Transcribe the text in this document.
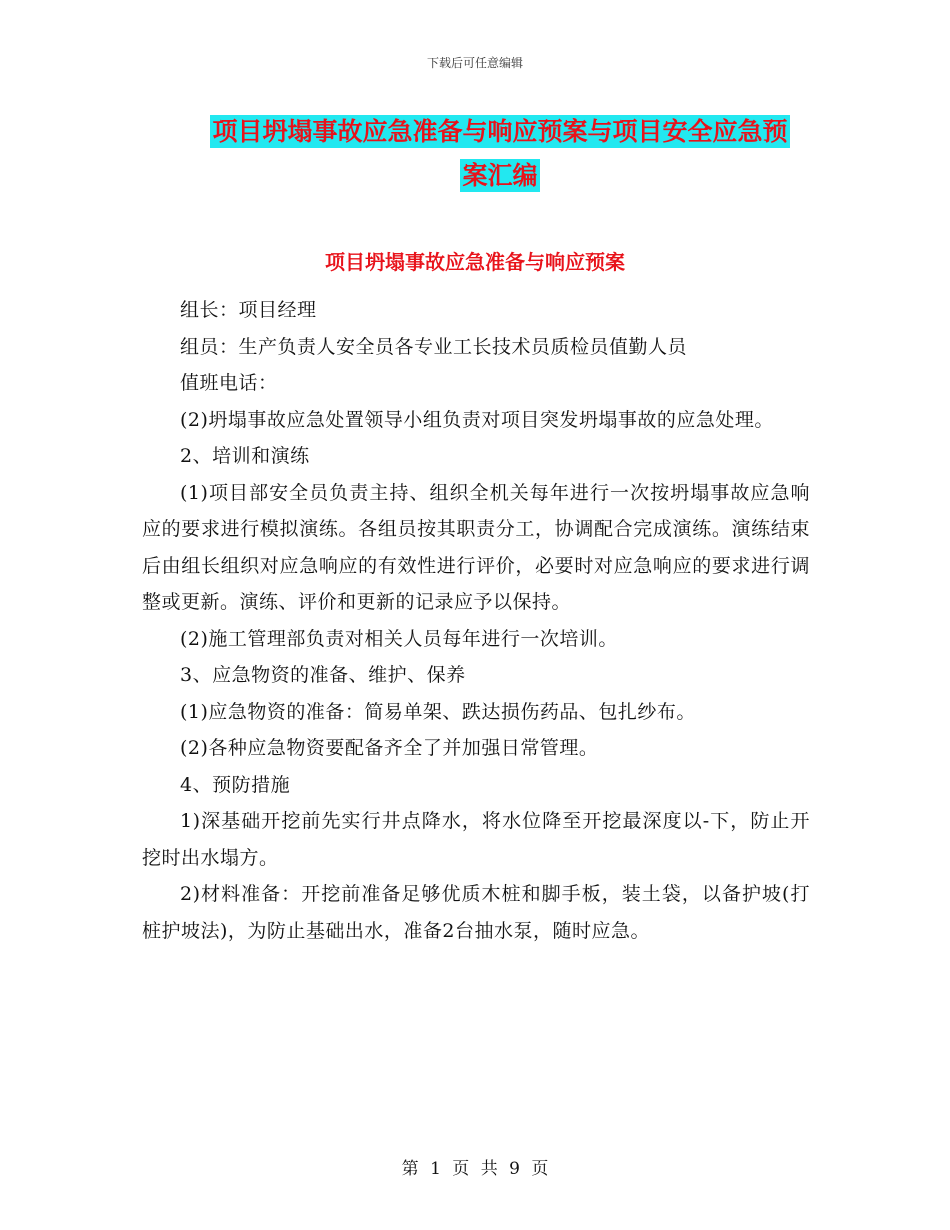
下载后可任意编辑
项目坍塌事故应急准备与响应预案与项目安全应急预
案汇编
项目坍塌事故应急准备与响应预案

组长：项目经理

组员：生产负责人安全员各专业工长技术员质检员值勤人员

值班电话：

(2)坍塌事故应急处置领导小组负责对项目突发坍塌事故的应急处理。

2、培训和演练

(1)项目部安全员负责主持、组织全机关每年进行一次按坍塌事故应急响应的要求进行模拟演练。各组员按其职责分工，协调配合完成演练。演练结束后由组长组织对应急响应的有效性进行评价，必要时对应急响应的要求进行调整或更新。演练、评价和更新的记录应予以保持。

(2)施工管理部负责对相关人员每年进行一次培训。

3、应急物资的准备、维护、保养

(1)应急物资的准备：简易单架、跌达损伤药品、包扎纱布。

(2)各种应急物资要配备齐全了并加强日常管理。

4、预防措施

1)深基础开挖前先实行井点降水，将水位降至开挖最深度以-下，防止开挖时出水塌方。

2)材料准备：开挖前准备足够优质木桩和脚手板，装土袋，以备护坡(打桩护坡法)，为防止基础出水，准备2台抽水泵，随时应急。

第 1 页 共 9 页
